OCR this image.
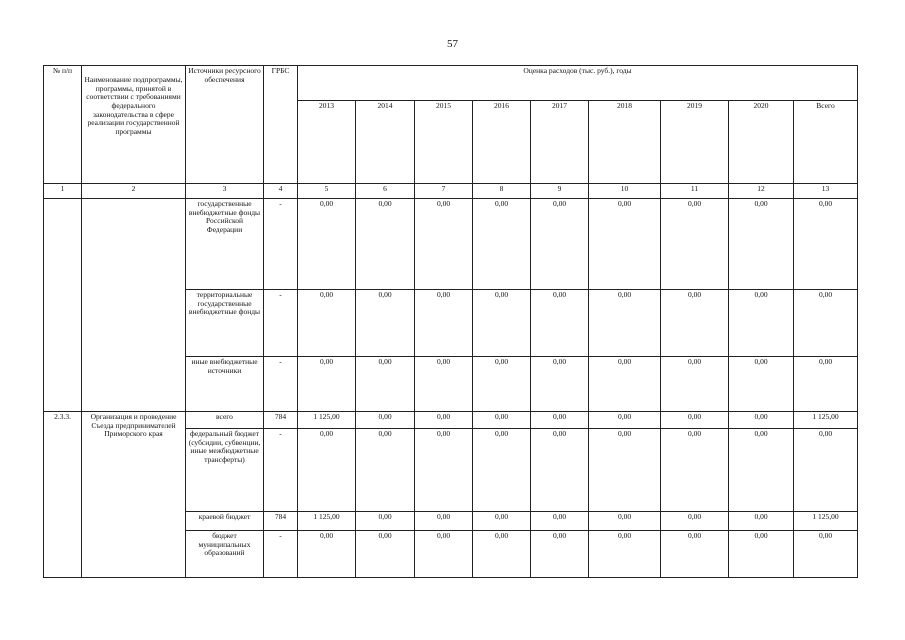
57
№ п/п	Наименование подпрограммы, программы, принятой в соответствии с требованиями федерального законодательства в сфере реализации государственной программы	Источники ресурсного обеспечения	ГРБС	Оценка расходов (тыс. руб.), годы								
				2013	2014	2015	2016	2017	2018	2019	2020	Всего
1	2	3	4	5	6	7	8	9	10	11	12	13
		государственные внебюджетные фонды Российской Федерации	-	0,00	0,00	0,00	0,00	0,00	0,00	0,00	0,00	0,00
		территориальные государственные внебюджетные фонды	-	0,00	0,00	0,00	0,00	0,00	0,00	0,00	0,00	0,00
		иные внебюджетные источники	-	0,00	0,00	0,00	0,00	0,00	0,00	0,00	0,00	0,00
2.3.3.	Организация и проведение Съезда предпринимателей Приморского края	всего	784	1 125,00	0,00	0,00	0,00	0,00	0,00	0,00	0,00	1 125,00
		федеральный бюджет (субсидии, субвенции, иные межбюджетные трансферты)	-	0,00	0,00	0,00	0,00	0,00	0,00	0,00	0,00	0,00
		краевой бюджет	784	1 125,00	0,00	0,00	0,00	0,00	0,00	0,00	0,00	1 125,00
		бюджет муниципальных образований	-	0,00	0,00	0,00	0,00	0,00	0,00	0,00	0,00	0,00
